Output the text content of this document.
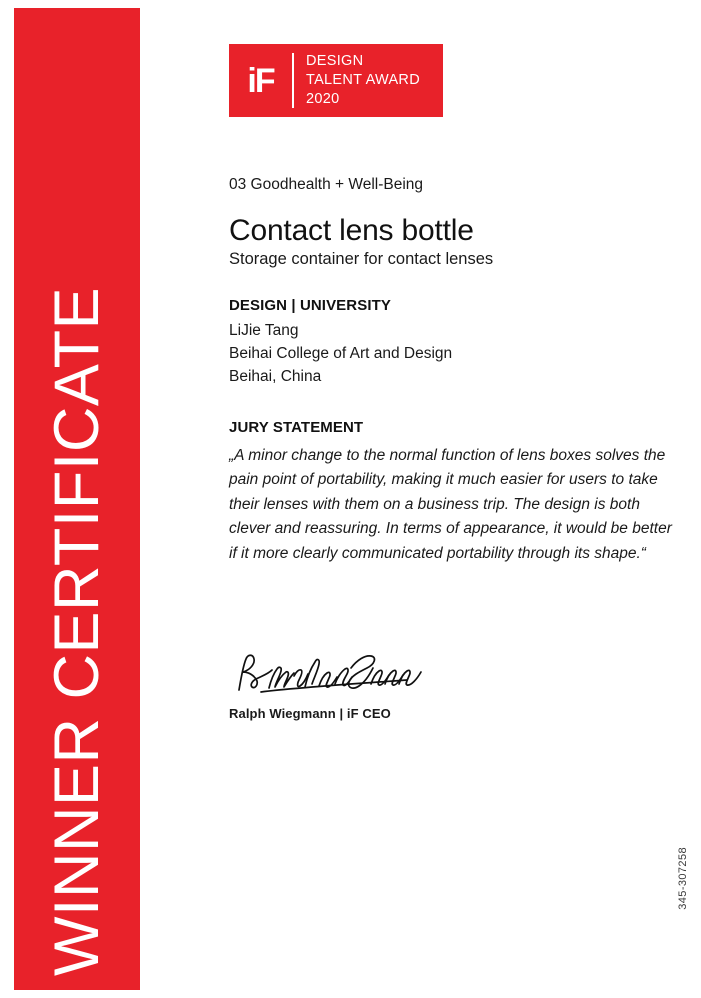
WINNER CERTIFICATE
iF
DESIGN
TALENT AWARD
2020
03 Goodhealth + Well-Being
Contact lens bottle
Storage container for contact lenses
DESIGN | UNIVERSITY
LiJie Tang
Beihai College of Art and Design
Beihai, China
JURY STATEMENT

„A minor change to the normal function of lens boxes solves the pain point of portability, making it much easier for users to take their lenses with them on a business trip. The design is both clever and reassuring. In terms of appearance, it would be better if it more clearly communicated portability through its shape.“

Ralph Wiegmann | iF CEO
345-307258
